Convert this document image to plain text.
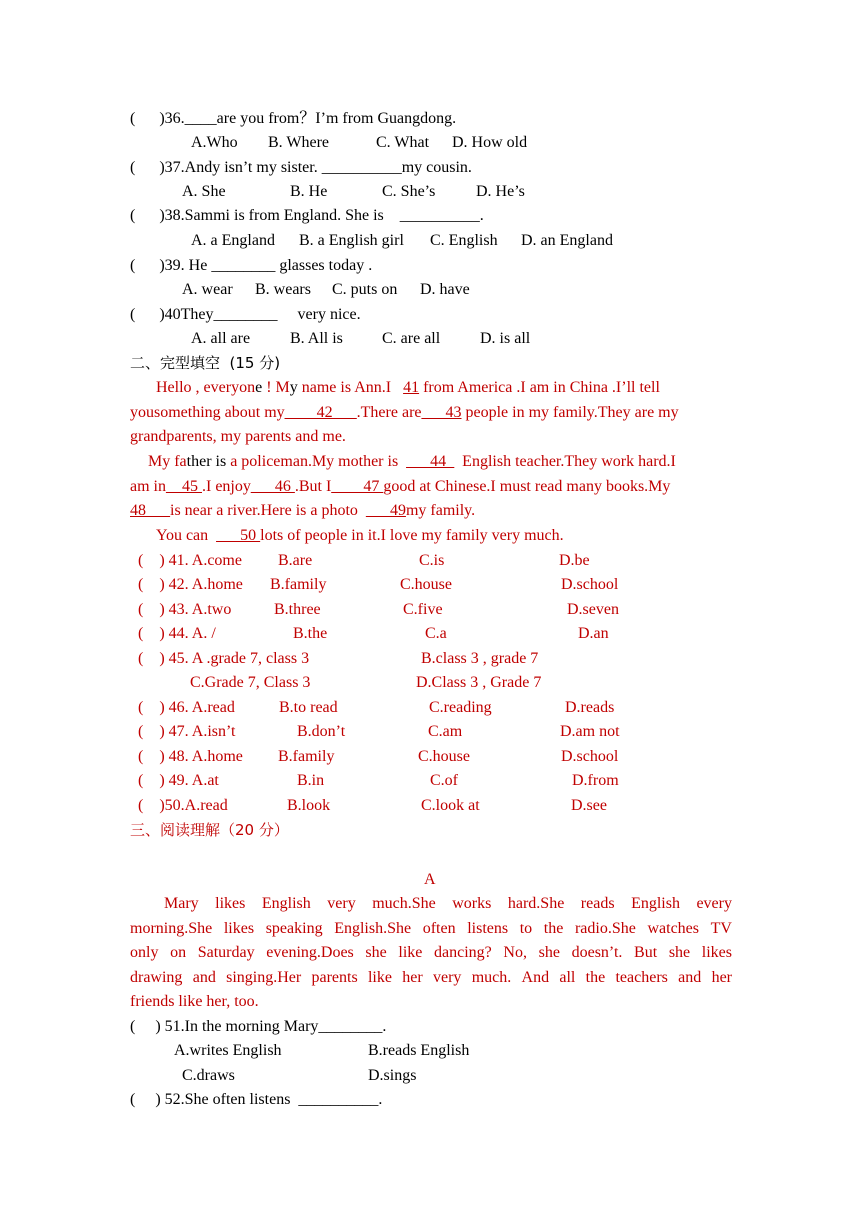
(      )36.____are you from？I’m from Guangdong.
A.Who B. Where	C. What D. How old
(      )37.Andy isn’t my sister. __________my cousin.
A. She	B. He	C. She’s	D. He’s
(      )38.Sammi is from England. She is    __________.
A. a England B. a English girl C. English D. an England
(      )39. He ________ glasses today .
A. wear B. wears C. puts on D. have
(      )40They________     very nice.
A. all are B. All is C. are all D. is all
二、完型填空  (15 分)
Hello , everyone ! My name is Ann.I 41 from America .I am in China .I’ll tell
yousomething about my____42___.There are___43 people in my family.They are my
grandparents, my parents and me.
My father is a policeman.My mother is  ___44_  English teacher.They work hard.I
am in__45 .I enjoy___46 .But I____47 good at Chinese.I must read many books.My
48___is near a river.Here is a photo  ___49my family.
You can  ___50 lots of people in it.I love my family very much.
(    ) 41. A.come B.are	C.is	D.be
(    ) 42. A.home B.family	C.house	D.school
(    ) 43. A.two	B.three	C.five	D.seven
(    ) 44. A. /	B.the	C.a	D.an
(    ) 45. A .grade 7, class 3	B.class 3 , grade 7
C.Grade 7, Class 3	D.Class 3 , Grade 7
(    ) 46. A.read	B.to read	C.reading	D.reads
(    ) 47. A.isn’t	B.don’t	C.am	D.am not
(    ) 48. A.home B.family	C.house	D.school
(    ) 49. A.at	B.in	C.of	D.from
(    )50.A.read	B.look	C.look at	D.see
三、阅读理解（20 分）
A
Mary likes English very much.She works hard.She reads English every
morning.She likes speaking English.She often listens to the radio.She watches TV
only on Saturday evening.Does she like dancing? No, she doesn’t. But she likes
drawing and singing.Her parents like her very much. And all the teachers and her
friends like her, too.
(     ) 51.In the morning Mary________.
A.writes English	B.reads English
C.draws	D.sings
(     ) 52.She often listens  __________.
